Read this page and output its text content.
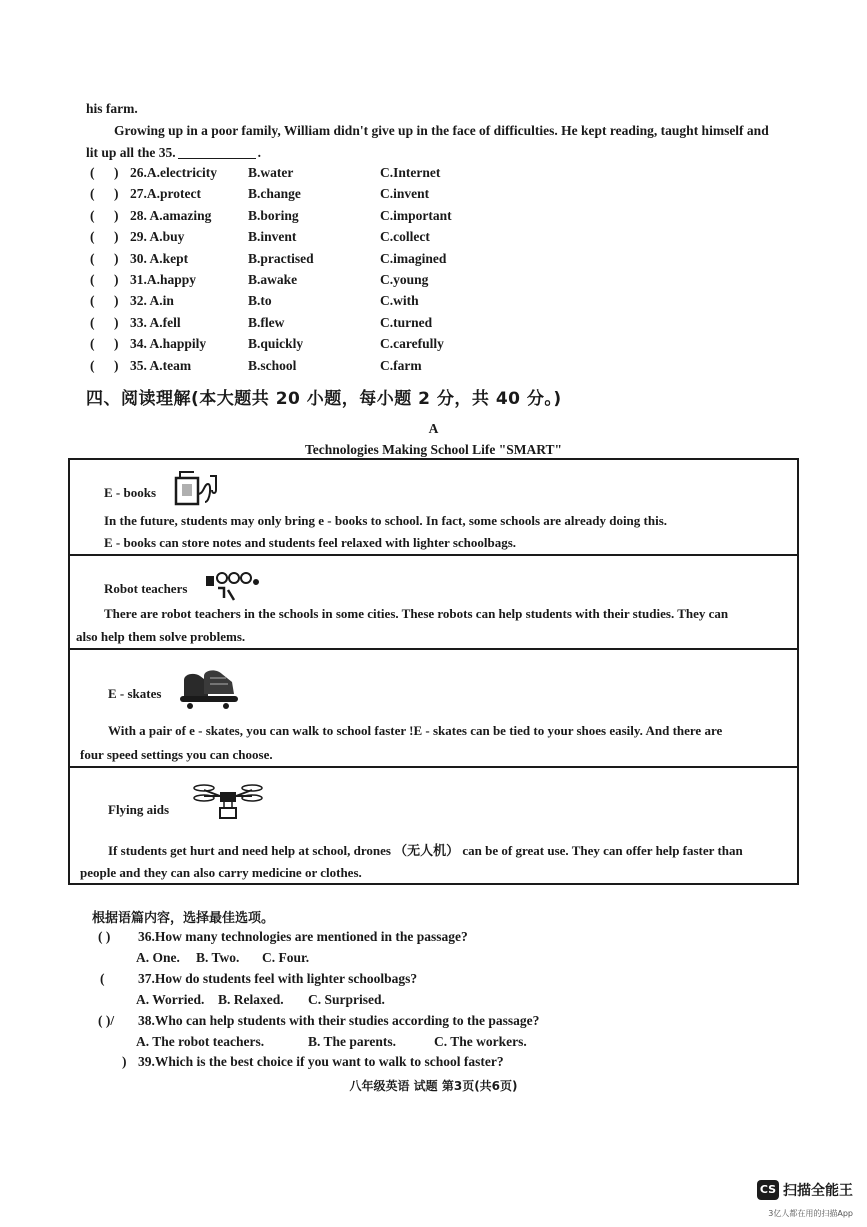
his farm.
Growing up in a poor family, William didn't give up in the face of difficulties. He kept reading, taught himself and
lit up all the 35.	.
( ) 26.A.electricity B.water	C.Internet
( ) 27.A.protect	B.change	C.invent
( ) 28. A.amazing	B.boring	C.important
( ) 29. A.buy	B.invent	C.collect
( ) 30. A.kept	B.practised	C.imagined
( ) 31.A.happy	B.awake	C.young
( ) 32. A.in	B.to	C.with
( ) 33. A.fell	B.flew	C.turned
( ) 34. A.happily	B.quickly	C.carefully
( ) 35. A.team	B.school	C.farm
四、阅读理解(本大题共 20 小题，每小题 2 分，共 40 分。)
A
Technologies Making School Life "SMART"
E - books
In the future, students may only bring e - books to school. In fact, some schools are already doing this.
E - books can store notes and students feel relaxed with lighter schoolbags.
Robot teachers
There are robot teachers in the schools in some cities. These robots can help students with their studies. They can
also help them solve problems.
E - skates
With a pair of e - skates, you can walk to school faster !E - skates can be tied to your shoes easily. And there are
four speed settings you can choose.
Flying aids
If students get hurt and need help at school, drones （无人机） can be of great use. They can offer help faster than
people and they can also carry medicine or clothes.
根据语篇内容，选择最佳选项。
( ) 36.How many technologies are mentioned in the passage?
A. One. B. Two. C. Four.
( 37.How do students feel with lighter schoolbags?
A. Worried. B. Relaxed. C. Surprised.
( )/ 38.Who can help students with their studies according to the passage?
A. The robot teachers.	B. The parents.	C. The workers.
) 39.Which is the best choice if you want to walk to school faster?
八年级英语 试题 第3页(共6页)
CS 扫描全能王
3亿人都在用的扫描App
